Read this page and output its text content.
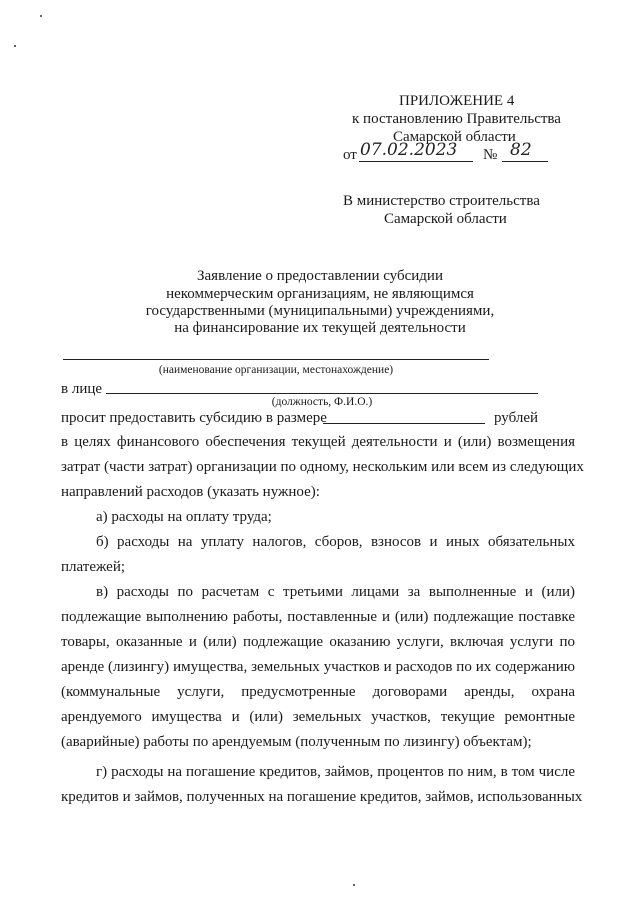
ПРИЛОЖЕНИЕ 4
к постановлению Правительства
Самарской области
от 07.02.2023 № 82
В министерство строительства
Самарской области
Заявление о предоставлении субсидии
некоммерческим организациям, не являющимся
государственными (муниципальными) учреждениями,
на финансирование их текущей деятельности
(наименование организации, местонахождение)
в лице
(должность, Ф.И.О.)
просит предоставить субсидию в размере	рублей
в целях финансового обеспечения текущей деятельности и (или) возмещения
затрат (части затрат) организации по одному, нескольким или всем из следующих
направлений расходов (указать нужное):
а) расходы на оплату труда;
б) расходы на уплату налогов, сборов, взносов и иных обязательных
платежей;
в) расходы по расчетам с третьими лицами за выполненные и (или)
подлежащие выполнению работы, поставленные и (или) подлежащие поставке
товары, оказанные и (или) подлежащие оказанию услуги, включая услуги по
аренде (лизингу) имущества, земельных участков и расходов по их содержанию
(коммунальные услуги, предусмотренные договорами аренды, охрана
арендуемого имущества и (или) земельных участков, текущие ремонтные
(аварийные) работы по арендуемым (полученным по лизингу) объектам);
г) расходы на погашение кредитов, займов, процентов по ним, в том числе
кредитов и займов, полученных на погашение кредитов, займов, использованных
